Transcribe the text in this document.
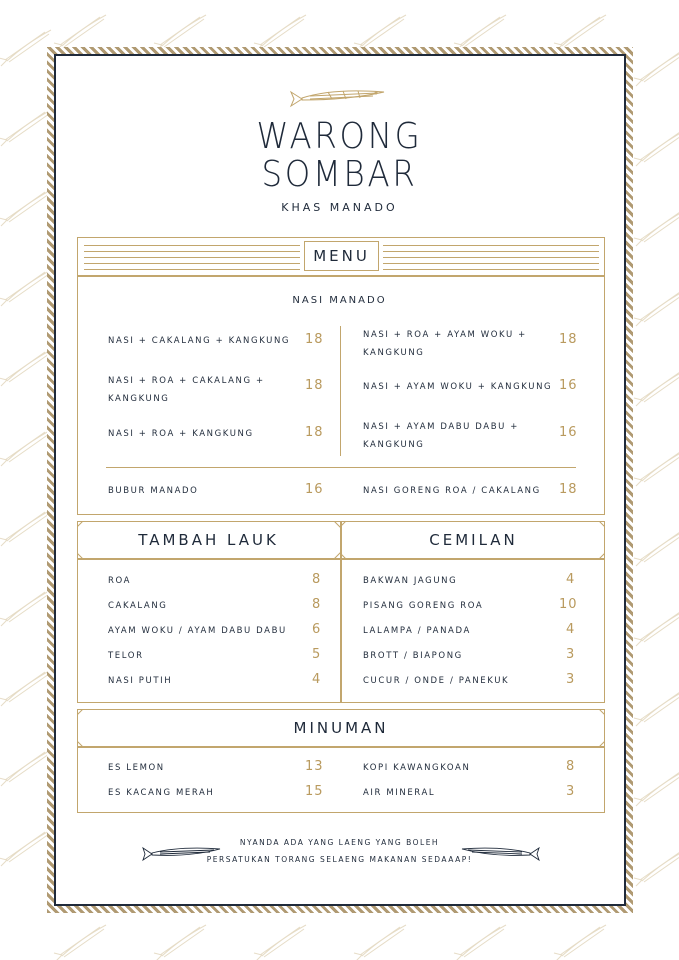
WARONG
SOMBAR
KHAS MANADO
MENU
NASI MANADO
NASI + CAKALANG + KANGKUNG 18
NASI + ROA + CAKALANG +
KANGKUNG
18
NASI + ROA + KANGKUNG	18
NASI + ROA + AYAM WOKU +
KANGKUNG
18
NASI + AYAM WOKU + KANGKUNG 16
NASI + AYAM DABU DABU +
KANGKUNG
16
BUBUR MANADO	16	NASI GORENG ROA / CAKALANG 18
TAMBAH LAUK	CEMILAN
ROA	8
CAKALANG	8
AYAM WOKU / AYAM DABU DABU 6
TELOR	5
NASI PUTIH	4
BAKWAN JAGUNG	4
PISANG GORENG ROA	10
LALAMPA / PANADA	4
BROTT / BIAPONG	3
CUCUR / ONDE / PANEKUK	3
MINUMAN
ES LEMON	13
ES KACANG MERAH	15
KOPI KAWANGKOAN	8
AIR MINERAL	3
NYANDA ADA YANG LAENG YANG BOLEH
PERSATUKAN TORANG SELAENG MAKANAN SEDAAAP!
